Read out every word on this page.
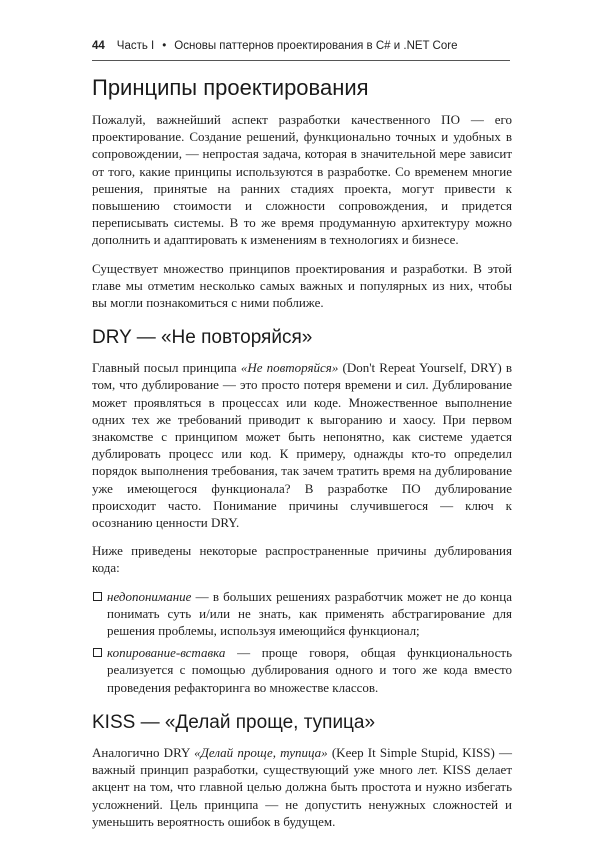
44 Часть I • Основы паттернов проектирования в C# и .NET Core
Принципы проектирования

Пожалуй, важнейший аспект разработки качественного ПО — его проектирование. Создание решений, функционально точных и удобных в сопровождении, — непростая задача, которая в значительной мере зависит от того, какие принципы используются в разработке. Со временем многие решения, принятые на ранних стадиях проекта, могут привести к повышению стоимости и сложности сопровождения, и придется переписывать системы. В то же время продуманную архитектуру можно дополнить и адаптировать к изменениям в технологиях и бизнесе.

Существует множество принципов проектирования и разработки. В этой главе мы отметим несколько самых важных и популярных из них, чтобы вы могли познакомиться с ними поближе.

DRY — «Не повторяйся»

Главный посыл принципа «Не повторяйся» (Don't Repeat Yourself, DRY) в том, что дублирование — это просто потеря времени и сил. Дублирование может проявляться в процессах или коде. Множественное выполнение одних тех же требований приводит к выгоранию и хаосу. При первом знакомстве с принципом может быть непонятно, как системе удается дублировать процесс или код. К примеру, однажды кто-то определил порядок выполнения требования, так зачем тратить время на дублирование уже имеющегося функционала? В разработке ПО дублирование происходит часто. Понимание причины случившегося — ключ к осознанию ценности DRY.

Ниже приведены некоторые распространенные причины дублирования кода:

недопонимание — в больших решениях разработчик может не до конца понимать суть и/или не знать, как применять абстрагирование для решения проблемы, используя имеющийся функционал;
копирование-вставка — проще говоря, общая функциональность реализуется с помощью дублирования одного и того же кода вместо проведения рефакторинга во множестве классов.
KISS — «Делай проще, тупица»

Аналогично DRY «Делай проще, тупица» (Keep It Simple Stupid, KISS) — важный принцип разработки, существующий уже много лет. KISS делает акцент на том, что главной целью должна быть простота и нужно избегать усложнений. Цель принципа — не допустить ненужных сложностей и уменьшить вероятность ошибок в будущем.
